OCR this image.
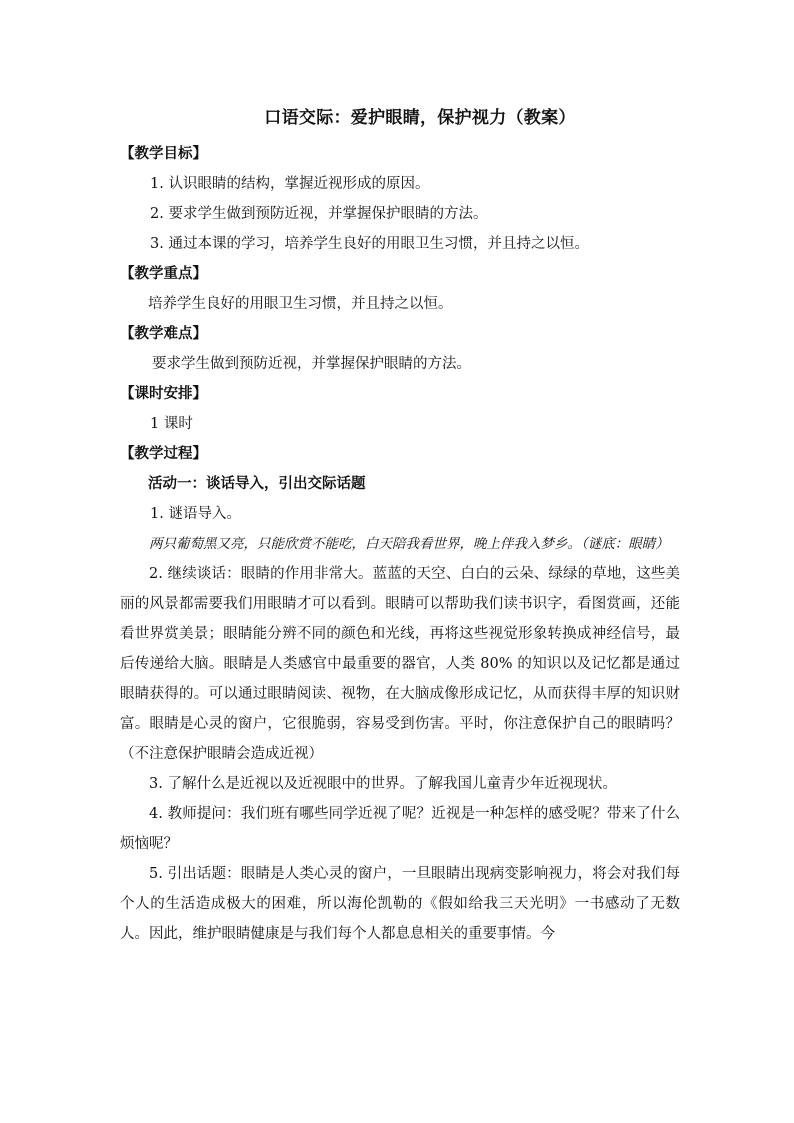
口语交际：爱护眼睛，保护视力（教案）
【教学目标】

1. 认识眼睛的结构，掌握近视形成的原因。

2. 要求学生做到预防近视，并掌握保护眼睛的方法。

3. 通过本课的学习，培养学生良好的用眼卫生习惯，并且持之以恒。

【教学重点】

培养学生良好的用眼卫生习惯，并且持之以恒。

【教学难点】

要求学生做到预防近视，并掌握保护眼睛的方法。

【课时安排】

1 课时

【教学过程】

活动一：谈话导入，引出交际话题

1. 谜语导入。

两只葡萄黑又亮，只能欣赏不能吃，白天陪我看世界，晚上伴我入梦乡。（谜底：眼睛）

2. 继续谈话：眼睛的作用非常大。蓝蓝的天空、白白的云朵、绿绿的草地，这些美丽的风景都需要我们用眼睛才可以看到。眼睛可以帮助我们读书识字，看图赏画，还能看世界赏美景；眼睛能分辨不同的颜色和光线，再将这些视觉形象转换成神经信号，最后传递给大脑。眼睛是人类感官中最重要的器官，人类 80% 的知识以及记忆都是通过眼睛获得的。可以通过眼睛阅读、视物，在大脑成像形成记忆，从而获得丰厚的知识财富。眼睛是心灵的窗户，它很脆弱，容易受到伤害。平时，你注意保护自己的眼睛吗？（不注意保护眼睛会造成近视）

3. 了解什么是近视以及近视眼中的世界。了解我国儿童青少年近视现状。

4. 教师提问：我们班有哪些同学近视了呢？近视是一种怎样的感受呢？带来了什么烦恼呢？

5. 引出话题：眼睛是人类心灵的窗户，一旦眼睛出现病变影响视力，将会对我们每个人的生活造成极大的困难，所以海伦凯勒的《假如给我三天光明》一书感动了无数人。因此，维护眼睛健康是与我们每个人都息息相关的重要事情。今
